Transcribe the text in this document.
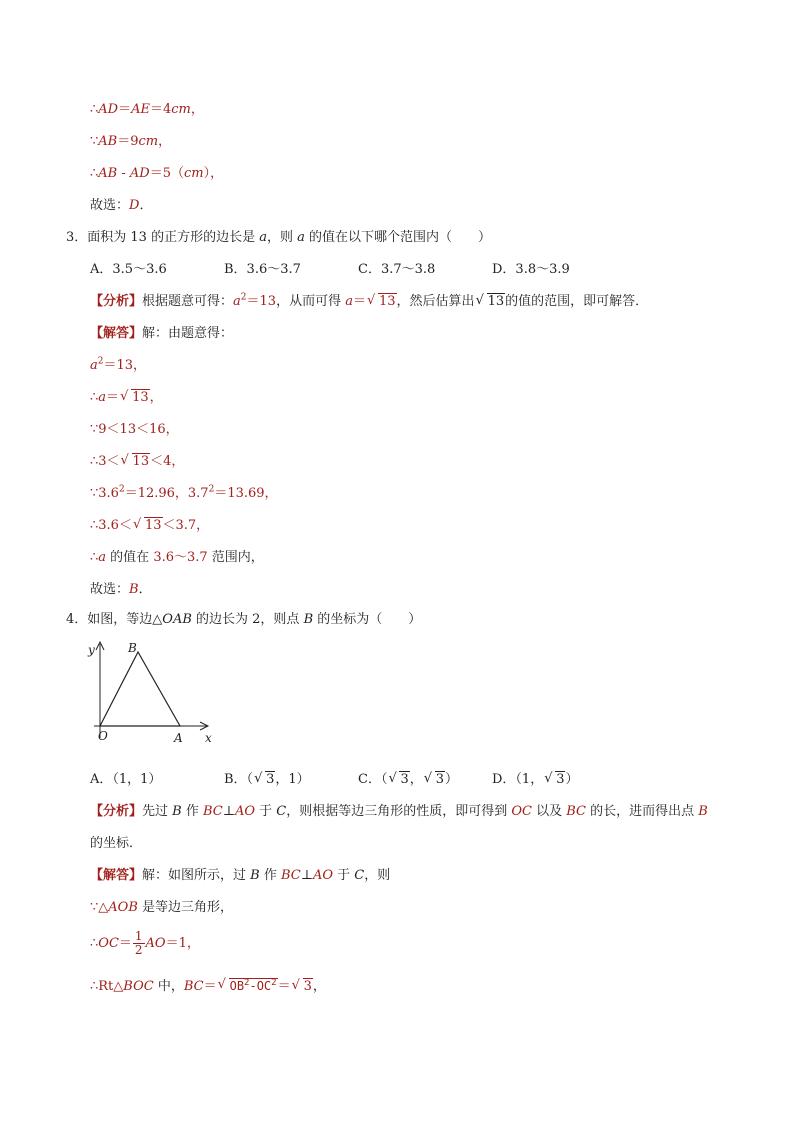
∴AD＝AE＝4cm，
∵AB＝9cm，
∴AB - AD＝5（cm），
故选：D．
3．面积为 13 的正方形的边长是 a，则 a 的值在以下哪个范围内（　　）
A．3.5～3.6	B．3.6～3.7	C．3.7～3.8	D．3.8～3.9
【分析】根据题意可得：$a^2=13$，从而可得 a＝√ 13，然后估算出√ 13的值的范围，即可解答．
【解答】解：由题意得：
$a^2=13$，
∴a＝√ 13，
∵9＜13＜16，
∴3＜√ 13＜4，
$\because 3.6^2=12.96$，$3.7^2=13.69$，
∴3.6＜√ 13＜3.7，
∴a 的值在 3.6～3.7 范围内，
故选：B．
4．如图，等边△OAB 的边长为 2，则点 B 的坐标为（　　）
y
x
O	A
B
A．（1，1）	B．（√ 3，1）	C．（√ 3，√ 3）	D．（1，√ 3）
【分析】先过 B 作 BC⊥AO 于 C，则根据等边三角形的性质，即可得到 OC 以及 BC 的长，进而得出点 B
的坐标．
【解答】解：如图所示，过 B 作 BC⊥AO 于 C，则
∵△AOB 是等边三角形，
∴OC＝ $\frac{1}{2} AO=1$，
∴Rt△BOC 中，BC＝√ $OB^2-OC^2=√$ 3，
